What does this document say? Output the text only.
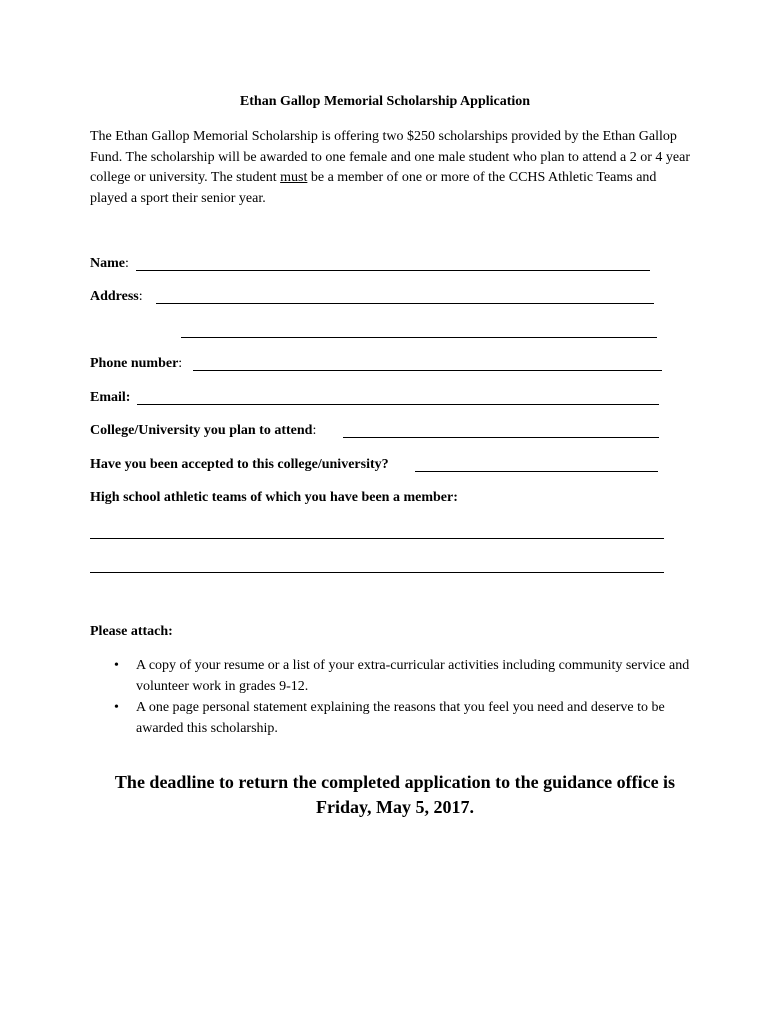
Ethan Gallop Memorial Scholarship Application
The Ethan Gallop Memorial Scholarship is offering two $250 scholarships provided by the Ethan Gallop Fund. The scholarship will be awarded to one female and one male student who plan to attend a 2 or 4 year college or university. The student must be a member of one or more of the CCHS Athletic Teams and played a sport their senior year.
Name:
Address:
Phone number:
Email:
College/University you plan to attend:
Have you been accepted to this college/university?
High school athletic teams of which you have been a member:
Please attach:
• A copy of your resume or a list of your extra-curricular activities including community service and volunteer work in grades 9-12.
• A one page personal statement explaining the reasons that you feel you need and deserve to be awarded this scholarship.
The deadline to return the completed application to the guidance office is Friday, May 5, 2017.
